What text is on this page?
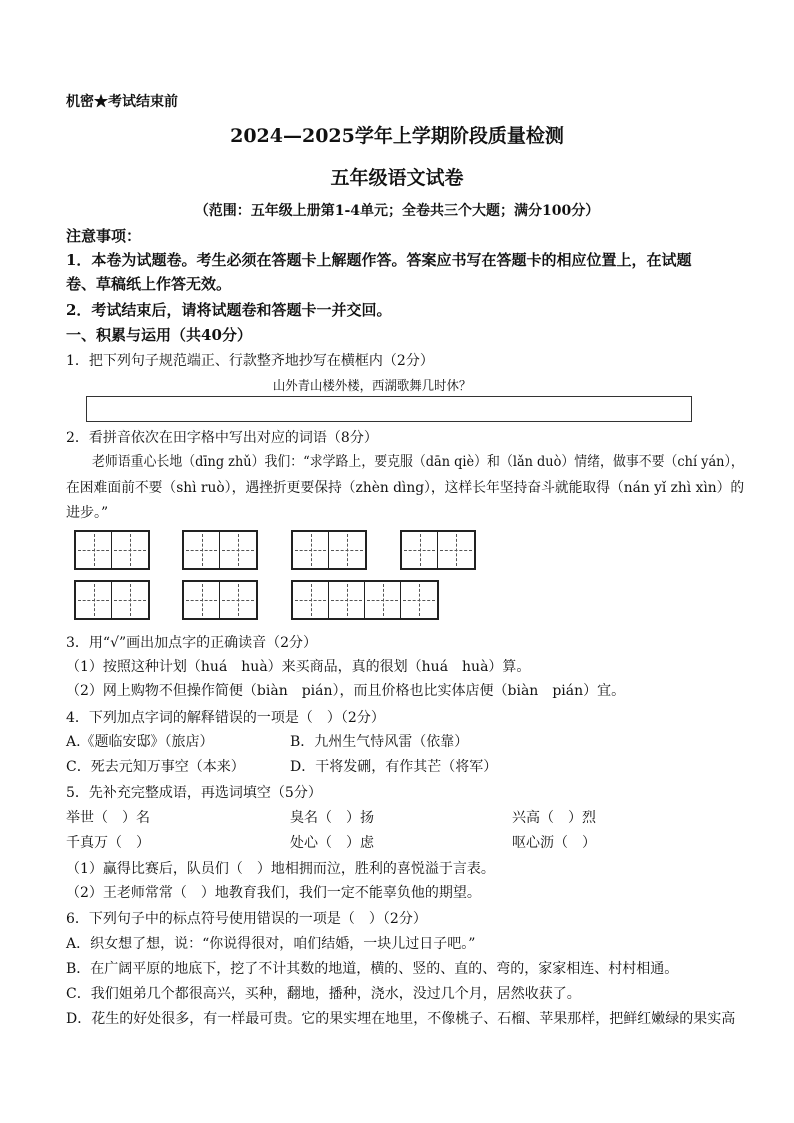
机密★考试结束前
2024—2025学年上学期阶段质量检测
五年级语文试卷
（范围：五年级上册第1-4单元；全卷共三个大题；满分100分）
注意事项：
1．本卷为试题卷。考生必须在答题卡上解题作答。答案应书写在答题卡的相应位置上，在试题
卷、草稿纸上作答无效。
2．考试结束后，请将试题卷和答题卡一并交回。
一、积累与运用（共40分）
1．把下列句子规范端正、行款整齐地抄写在横框内（2分）
山外青山楼外楼，西湖歌舞几时休？
2．看拼音依次在田字格中写出对应的词语（8分）
老师语重心长地（dīng zhǔ）我们：“求学路上，要克服（dān qiè）和（lǎn duò）情绪，做事不要（chí yán），
在困难面前不要（shì ruò），遇挫折更要保持（zhèn dìng），这样长年坚持奋斗就能取得（nán yǐ zhì xìn）的
进步。”
3．用“√”画出加点字的正确读音（2分）
（1）按照这种计划（huá　huà）来买商品，真的很划（huá　huà）算。
（2）网上购物不但操作简便（biàn　pián），而且价格也比实体店便（biàn　pián）宜。
4．下列加点字词的解释错误的一项是（　）（2分）
A.《题临安邸》（旅店）	B．九州生气恃风雷（依靠）
C．死去元知万事空（本来）	D．干将发硎，有作其芒（将军）
5．先补充完整成语，再选词填空（5分）
举世（　）名	臭名（　）扬	兴高（　）烈
千真万（　）	处心（　）虑	呕心沥（　）
（1）赢得比赛后，队员们（　）地相拥而泣，胜利的喜悦溢于言表。
（2）王老师常常（　）地教育我们，我们一定不能辜负他的期望。
6．下列句子中的标点符号使用错误的一项是（　）（2分）
A．织女想了想，说：“你说得很对，咱们结婚，一块儿过日子吧。”
B．在广阔平原的地底下，挖了不计其数的地道，横的、竖的、直的、弯的，家家相连、村村相通。
C．我们姐弟几个都很高兴，买种，翻地，播种，浇水，没过几个月，居然收获了。
D．花生的好处很多，有一样最可贵。它的果实埋在地里，不像桃子、石榴、苹果那样，把鲜红嫩绿的果实高
